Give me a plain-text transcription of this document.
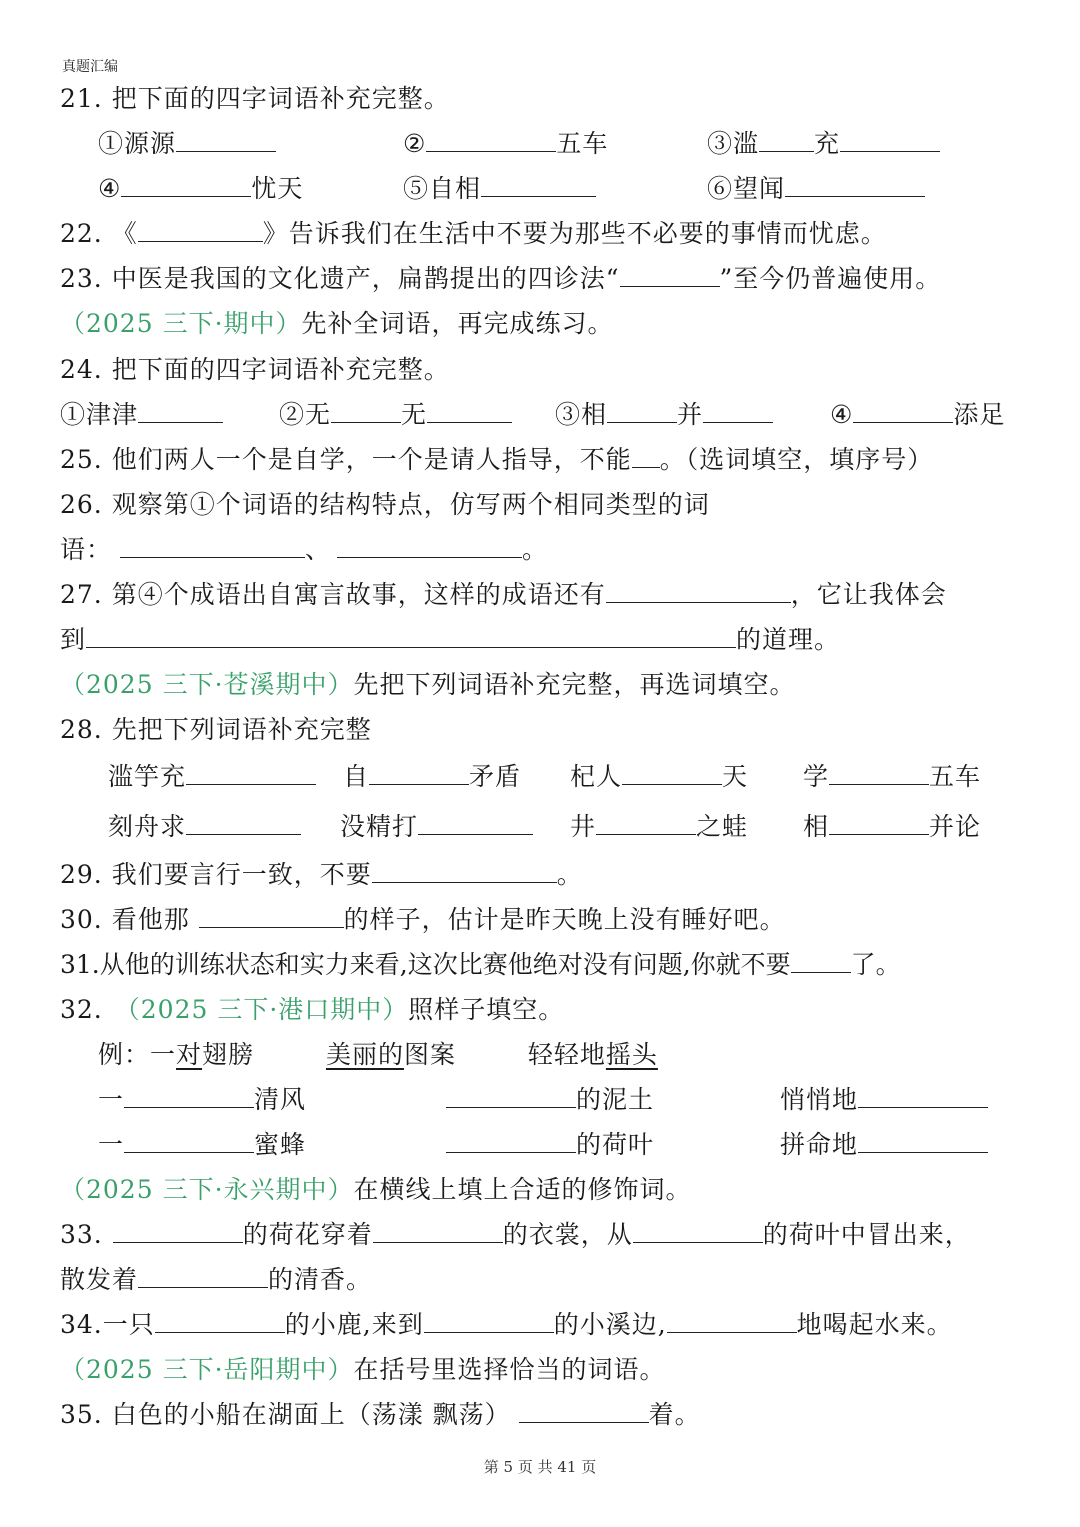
真题汇编
21. 把下面的四字词语补充完整。
①源源	②	五车	③滥 充
④	忧天	⑤自相	⑥望闻
22. 《	》告诉我们在生活中不要为那些不必要的事情而忧虑。
23. 中医是我国的文化遗产，扁鹊提出的四诊法“	”至今仍普遍使用。
（2025 三下·期中）先补全词语，再完成练习。
24. 把下面的四字词语补充完整。
①津津	②无	无	③相	并	④	添足
25. 他们两人一个是自学，一个是请人指导，不能 。（选词填空，填序号）
26. 观察第①个词语的结构特点，仿写两个相同类型的词
语：	、	。
27. 第④个成语出自寓言故事，这样的成语还有	，它让我体会
到	的道理。
（2025 三下·苍溪期中）先把下列词语补充完整，再选词填空。
28. 先把下列词语补充完整
滥竽充	自	矛盾 杞人	天 学	五车
刻舟求	没精打	井	之蛙 相	并论
29. 我们要言行一致，不要	。
30. 看他那	的样子，估计是昨天晚上没有睡好吧。
31.从他的训练状态和实力来看,这次比赛他绝对没有问题,你就不要 了。
32. （2025 三下·港口期中）照样子填空。
例：一对翅膀	美丽的图案	轻轻地摇头
一	清风	的泥土	悄悄地
一	蜜蜂	的荷叶	拼命地
（2025 三下·永兴期中）在横线上填上合适的修饰词。
33.	的荷花穿着	的衣裳，从	的荷叶中冒出来，
散发着	的清香。
34.一只	的小鹿,来到	的小溪边,	地喝起水来。
（2025 三下·岳阳期中）在括号里选择恰当的词语。
35. 白色的小船在湖面上（荡漾 飘荡）	着。
第 5 页 共 41 页
